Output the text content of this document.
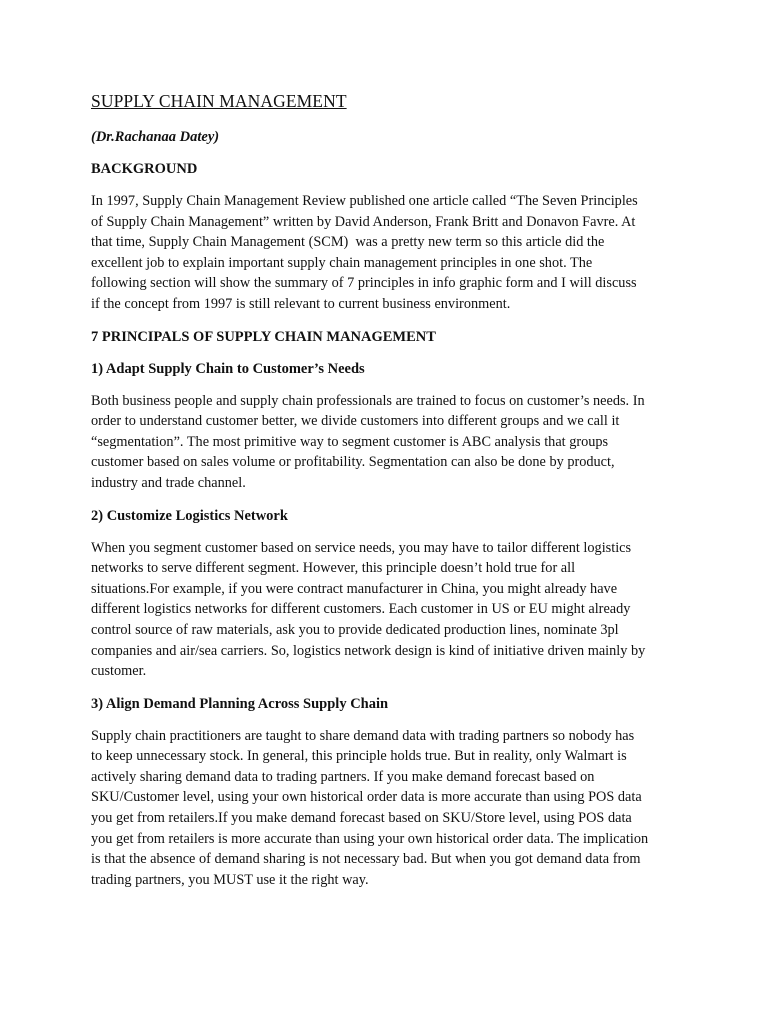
SUPPLY CHAIN MANAGEMENT
(Dr.Rachanaa Datey)
BACKGROUND
In 1997, Supply Chain Management Review published one article called “The Seven Principles
of Supply Chain Management” written by David Anderson, Frank Britt and Donavon Favre. At
that time, Supply Chain Management (SCM)  was a pretty new term so this article did the
excellent job to explain important supply chain management principles in one shot. The
following section will show the summary of 7 principles in info graphic form and I will discuss
if the concept from 1997 is still relevant to current business environment.
7 PRINCIPALS OF SUPPLY CHAIN MANAGEMENT
1) Adapt Supply Chain to Customer’s Needs
Both business people and supply chain professionals are trained to focus on customer’s needs. In
order to understand customer better, we divide customers into different groups and we call it
“segmentation”. The most primitive way to segment customer is ABC analysis that groups
customer based on sales volume or profitability. Segmentation can also be done by product,
industry and trade channel.
2) Customize Logistics Network
When you segment customer based on service needs, you may have to tailor different logistics
networks to serve different segment. However, this principle doesn’t hold true for all
situations.For example, if you were contract manufacturer in China, you might already have
different logistics networks for different customers. Each customer in US or EU might already
control source of raw materials, ask you to provide dedicated production lines, nominate 3pl
companies and air/sea carriers. So, logistics network design is kind of initiative driven mainly by
customer.
3) Align Demand Planning Across Supply Chain
Supply chain practitioners are taught to share demand data with trading partners so nobody has
to keep unnecessary stock. In general, this principle holds true. But in reality, only Walmart is
actively sharing demand data to trading partners. If you make demand forecast based on
SKU/Customer level, using your own historical order data is more accurate than using POS data
you get from retailers.If you make demand forecast based on SKU/Store level, using POS data
you get from retailers is more accurate than using your own historical order data. The implication
is that the absence of demand sharing is not necessary bad. But when you got demand data from
trading partners, you MUST use it the right way.
